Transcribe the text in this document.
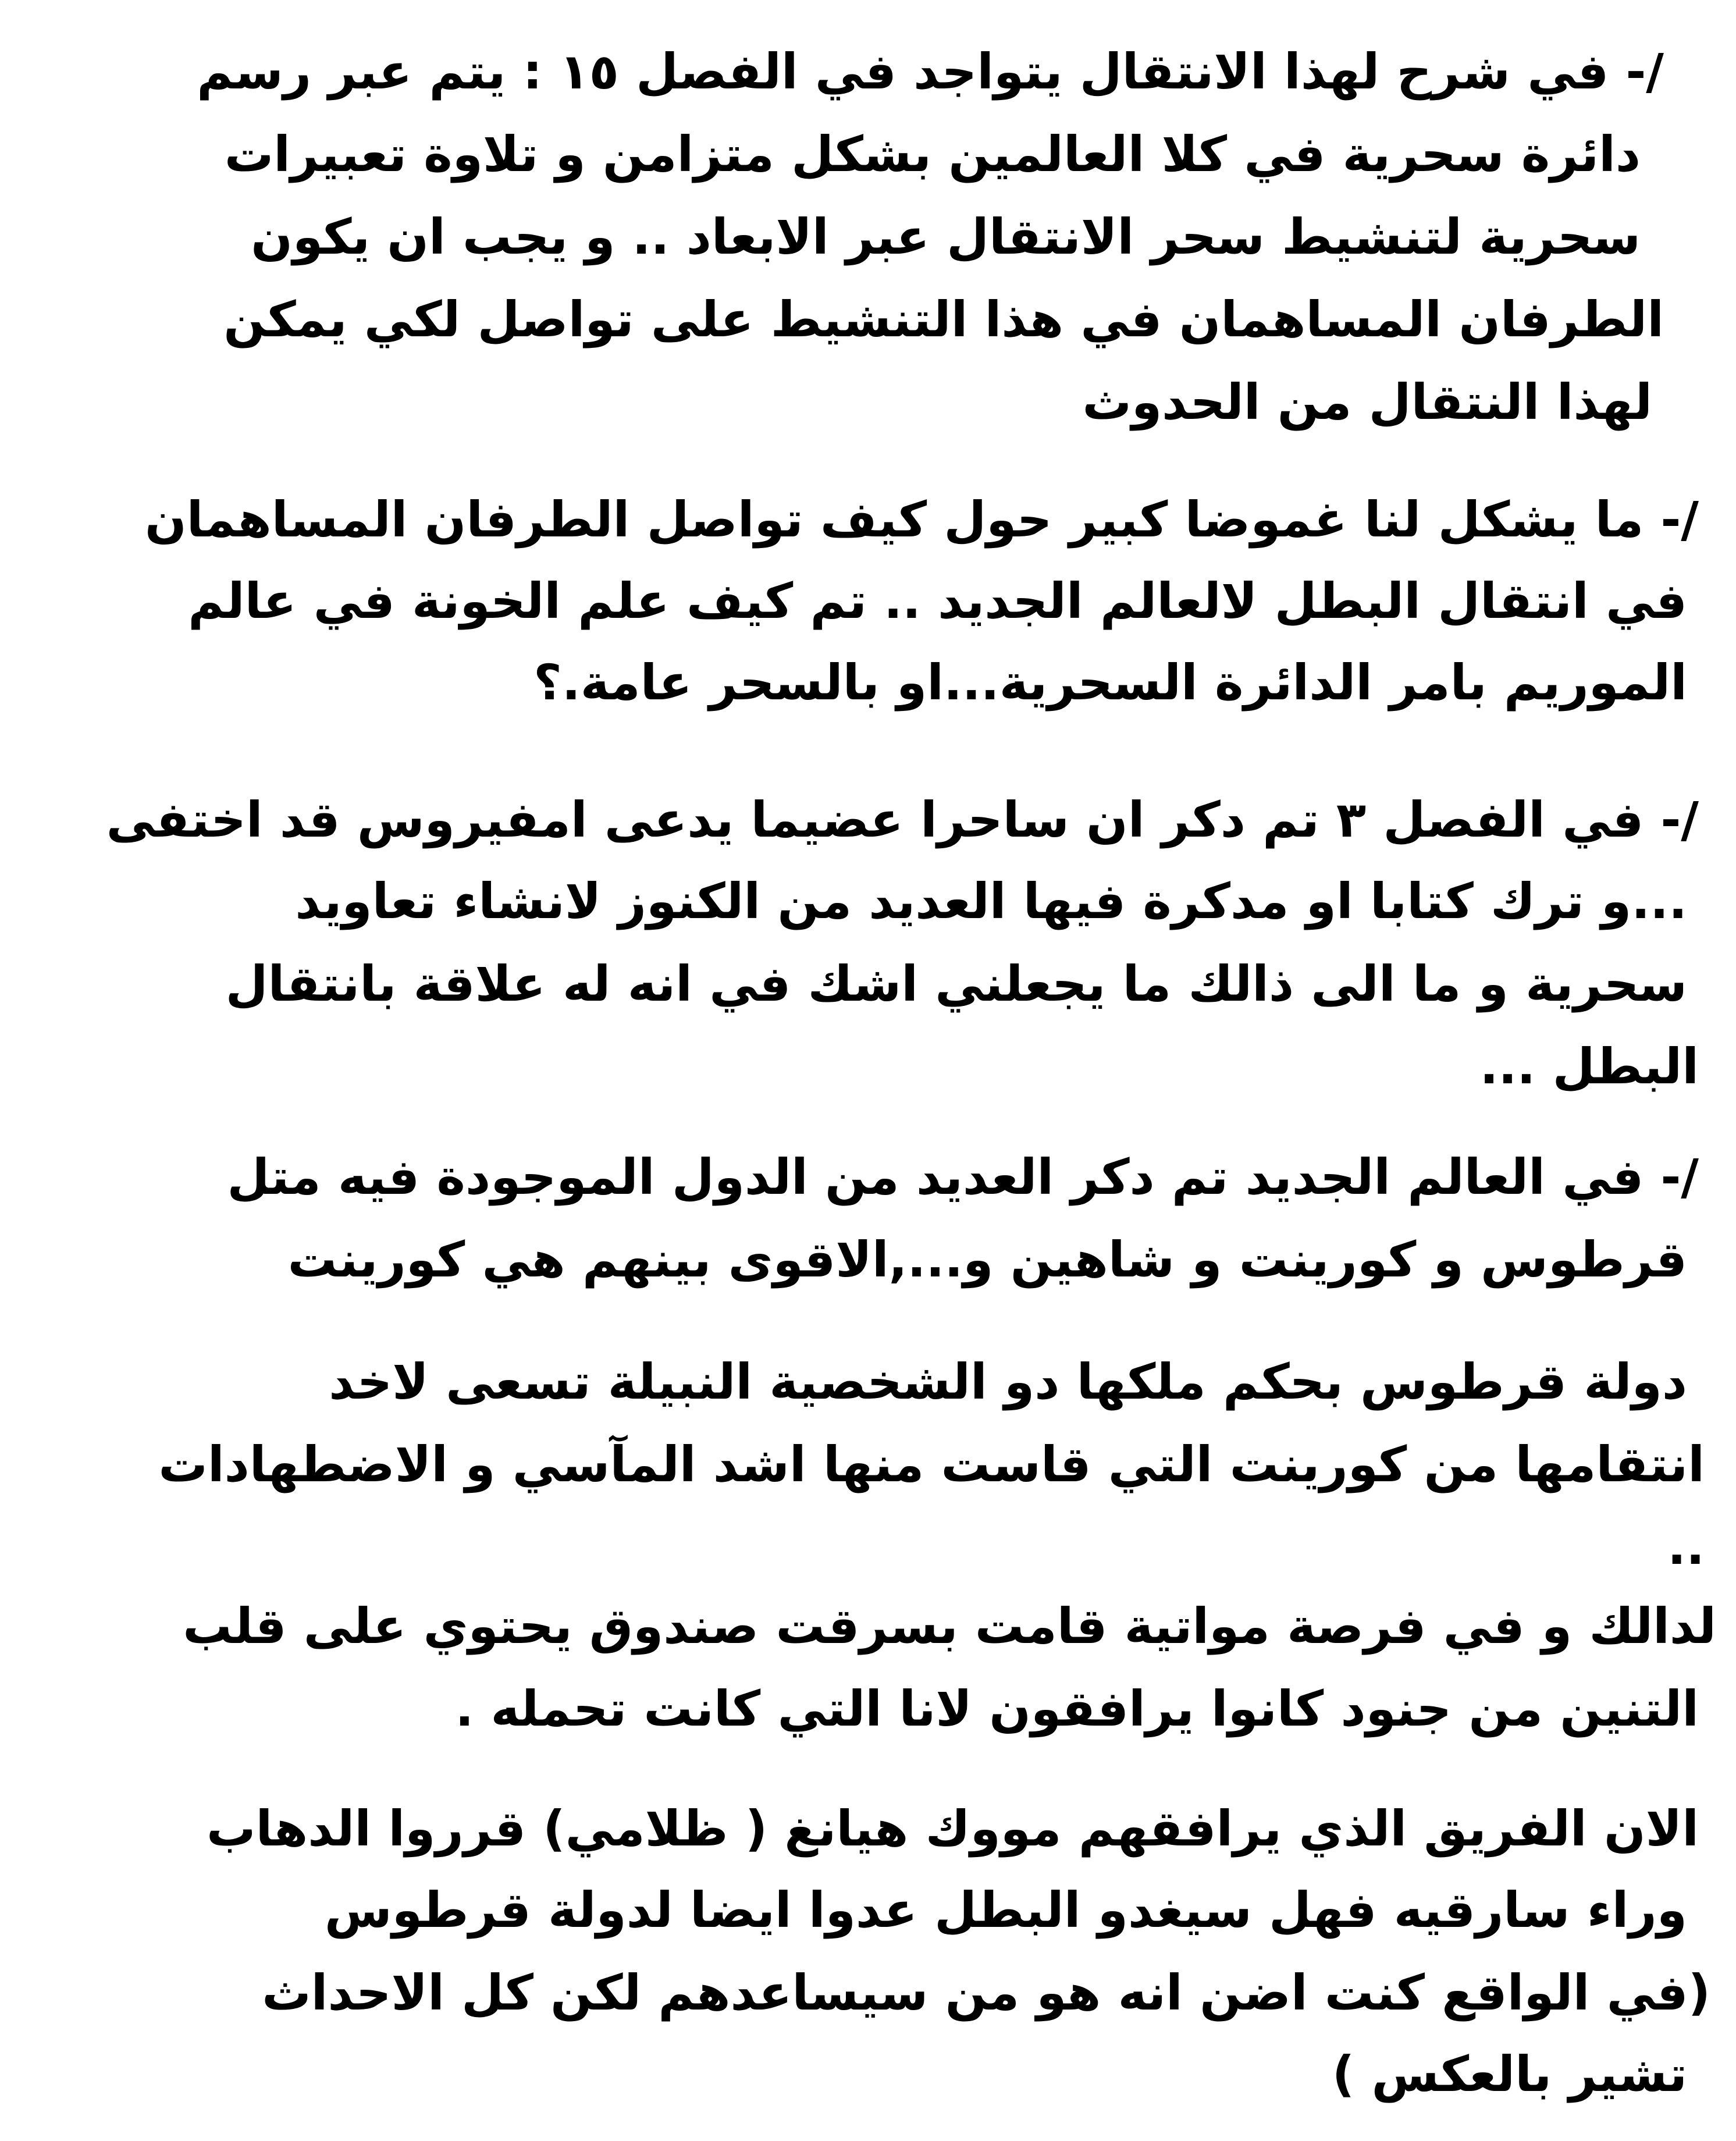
/- في شرح لهذا الانتقال يتواجد في الفصل ١٥ : يتم عبر رسم
دائرة سحرية في كلا العالمين بشكل متزامن و تلاوة تعبيرات
سحرية لتنشيط سحر الانتقال عبر الابعاد .. و يجب ان يكون
الطرفان المساهمان في هذا التنشيط على تواصل لكي يمكن
لهذا النتقال من الحدوث
/- ما يشكل لنا غموضا كبير حول كيف تواصل الطرفان المساهمان
في انتقال البطل لالعالم الجديد .. تم كيف علم الخونة في عالم
الموريم بامر الدائرة السحرية...او بالسحر عامة.؟
/- في الفصل ٣ تم دكر ان ساحرا عضيما يدعى امفيروس قد اختفى
...و ترك كتابا او مدكرة فيها العديد من الكنوز لانشاء تعاويد
سحرية و ما الى ذالك ما يجعلني اشك في انه له علاقة بانتقال
البطل ...
/- في العالم الجديد تم دكر العديد من الدول الموجودة فيه متل
قرطوس و كورينت و شاهين و...,الاقوى بينهم هي كورينت
دولة قرطوس بحكم ملكها دو الشخصية النبيلة تسعى لاخد
انتقامها من كورينت التي قاست منها اشد المآسي و الاضطهادات
..
لدالك و في فرصة مواتية قامت بسرقت صندوق يحتوي على قلب
التنين من جنود كانوا يرافقون لانا التي كانت تحمله .
الان الفريق الذي يرافقهم مووك هيانغ ( ظلامي) قرروا الدهاب
وراء سارقيه فهل سيغدو البطل عدوا ايضا لدولة قرطوس
(في الواقع كنت اضن انه هو من سيساعدهم لكن كل الاحداث
تشير بالعكس )
